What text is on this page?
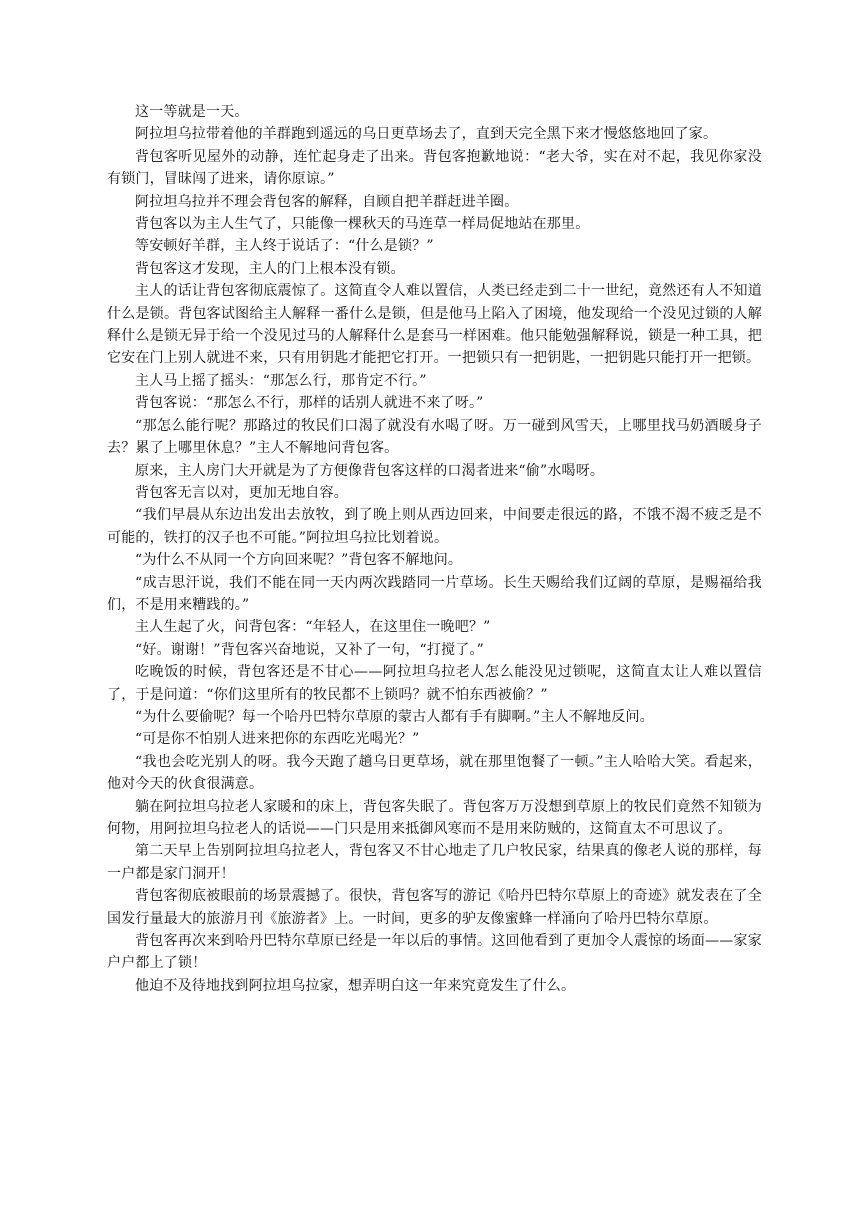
这一等就是一天。

阿拉坦乌拉带着他的羊群跑到遥远的乌日更草场去了，直到天完全黑下来才慢悠悠地回了家。

背包客听见屋外的动静，连忙起身走了出来。背包客抱歉地说：“老大爷，实在对不起，我见你家没有锁门，冒昧闯了进来，请你原谅。”

阿拉坦乌拉并不理会背包客的解释，自顾自把羊群赶进羊圈。

背包客以为主人生气了，只能像一棵秋天的马连草一样局促地站在那里。

等安顿好羊群，主人终于说话了：“什么是锁？”

背包客这才发现，主人的门上根本没有锁。

主人的话让背包客彻底震惊了。这简直令人难以置信，人类已经走到二十一世纪，竟然还有人不知道什么是锁。背包客试图给主人解释一番什么是锁，但是他马上陷入了困境，他发现给一个没见过锁的人解释什么是锁无异于给一个没见过马的人解释什么是套马一样困难。他只能勉强解释说，锁是一种工具，把它安在门上别人就进不来，只有用钥匙才能把它打开。一把锁只有一把钥匙，一把钥匙只能打开一把锁。

主人马上摇了摇头：“那怎么行，那肯定不行。”

背包客说：“那怎么不行，那样的话别人就进不来了呀。”

“那怎么能行呢？那路过的牧民们口渴了就没有水喝了呀。万一碰到风雪天，上哪里找马奶酒暖身子去？累了上哪里休息？”主人不解地问背包客。

原来，主人房门大开就是为了方便像背包客这样的口渴者进来“偷”水喝呀。

背包客无言以对，更加无地自容。

“我们早晨从东边出发出去放牧，到了晚上则从西边回来，中间要走很远的路，不饿不渴不疲乏是不可能的，铁打的汉子也不可能。”阿拉坦乌拉比划着说。

“为什么不从同一个方向回来呢？”背包客不解地问。

“成吉思汗说，我们不能在同一天内两次践踏同一片草场。长生天赐给我们辽阔的草原，是赐福给我们，不是用来糟践的。”

主人生起了火，问背包客：“年轻人，在这里住一晚吧？”

“好。谢谢！”背包客兴奋地说，又补了一句，“打搅了。”

吃晚饭的时候，背包客还是不甘心——阿拉坦乌拉老人怎么能没见过锁呢，这简直太让人难以置信了，于是问道：“你们这里所有的牧民都不上锁吗？就不怕东西被偷？”

“为什么要偷呢？每一个哈丹巴特尔草原的蒙古人都有手有脚啊。”主人不解地反问。

“可是你不怕别人进来把你的东西吃光喝光？”

“我也会吃光别人的呀。我今天跑了趟乌日更草场，就在那里饱餐了一顿。”主人哈哈大笑。看起来，他对今天的伙食很满意。

躺在阿拉坦乌拉老人家暖和的床上，背包客失眠了。背包客万万没想到草原上的牧民们竟然不知锁为何物，用阿拉坦乌拉老人的话说——门只是用来抵御风寒而不是用来防贼的，这简直太不可思议了。

第二天早上告别阿拉坦乌拉老人，背包客又不甘心地走了几户牧民家，结果真的像老人说的那样，每一户都是家门洞开！

背包客彻底被眼前的场景震撼了。很快，背包客写的游记《哈丹巴特尔草原上的奇迹》就发表在了全国发行量最大的旅游月刊《旅游者》上。一时间，更多的驴友像蜜蜂一样涌向了哈丹巴特尔草原。

背包客再次来到哈丹巴特尔草原已经是一年以后的事情。这回他看到了更加令人震惊的场面——家家户户都上了锁！

他迫不及待地找到阿拉坦乌拉家，想弄明白这一年来究竟发生了什么。
